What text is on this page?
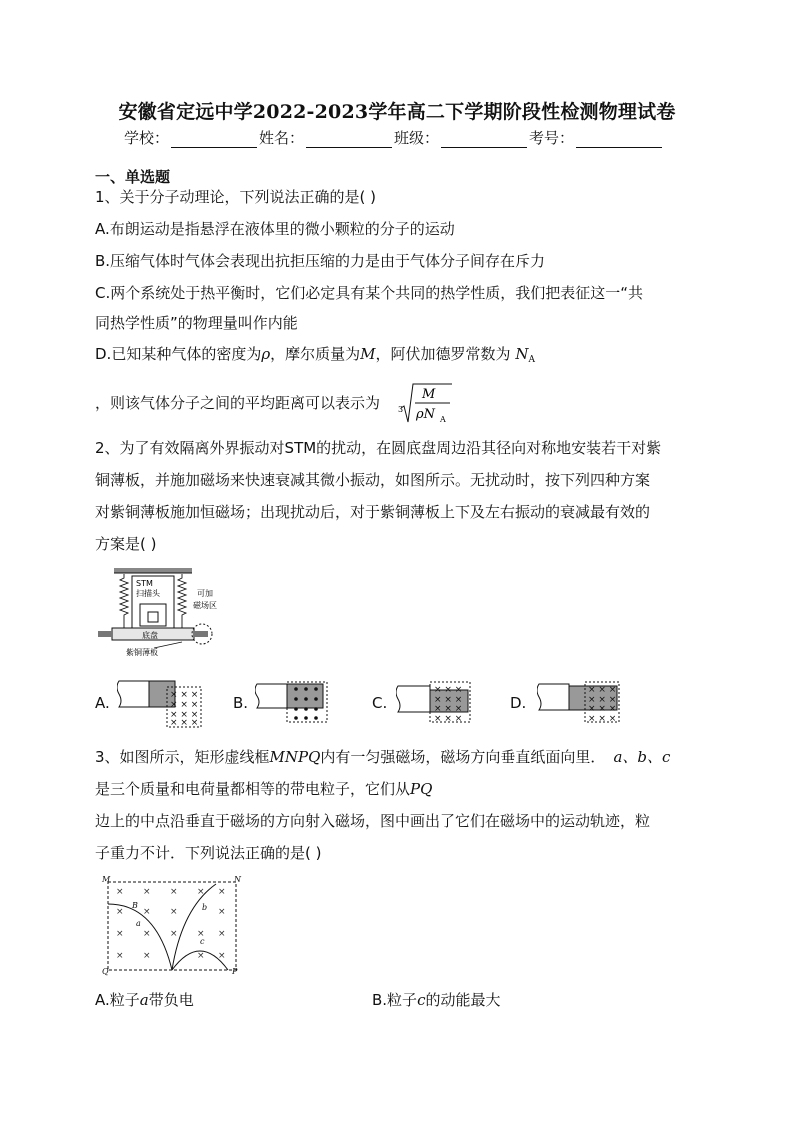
安徽省定远中学2022-2023学年高二下学期阶段性检测物理试卷
学校：	姓名：	班级：	考号：
一、单选题
1、关于分子动理论，下列说法正确的是( )
A.布朗运动是指悬浮在液体里的微小颗粒的分子的运动
B.压缩气体时气体会表现出抗拒压缩的力是由于气体分子间存在斥力
C.两个系统处于热平衡时，它们必定具有某个共同的热学性质，我们把表征这一“共
同热学性质”的物理量叫作内能
D.已知某种气体的密度为ρ，摩尔质量为M，阿伏加德罗常数为 $N_A$
，则该气体分子之间的平均距离可以表示为 3
M
ρN A
2、为了有效隔离外界振动对STM的扰动，在圆底盘周边沿其径向对称地安装若干对紫
铜薄板，并施加磁场来快速衰减其微小振动，如图所示。无扰动时，按下列四种方案
对紫铜薄板施加恒磁场；出现扰动后，对于紫铜薄板上下及左右振动的衰减最有效的
方案是( )
STM
扫描头
底盘
可加
磁场区
紫铜薄板
A.	× × ×
× × ×
× × ×
× × ×
B.	C.
× × ×
× × ×
× × ×
× × ×
D.
× × ×
× × ×
× × ×
× × ×
3、如图所示，矩形虚线框MNPQ内有一匀强磁场，磁场方向垂直纸面向里． a、b、c
是三个质量和电荷量都相等的带电粒子，它们从PQ
边上的中点沿垂直于磁场的方向射入磁场，图中画出了它们在磁场中的运动轨迹，粒
子重力不计．下列说法正确的是( )
× × × × ×
× × ×	×
× × × × ×
× ×	× ×
M	N
Q	P
B
a
b
c
A.粒子a带负电	B.粒子c的动能最大
